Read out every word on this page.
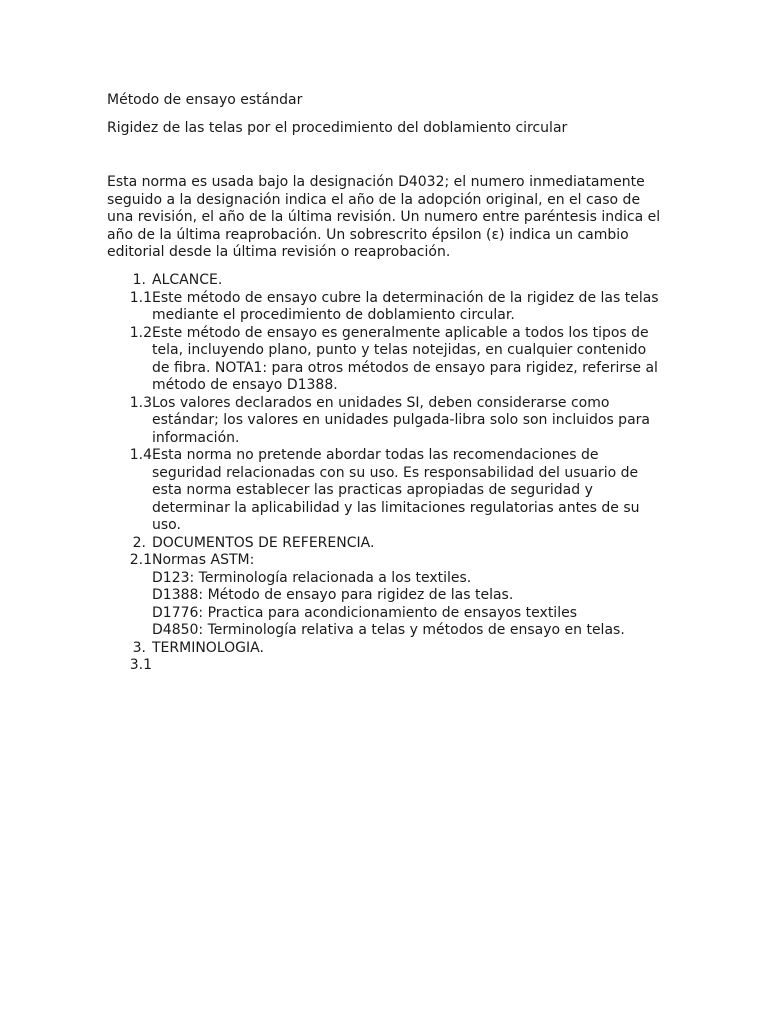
Método de ensayo estándar
Rigidez de las telas por el procedimiento del doblamiento circular

Esta norma es usada bajo la designación D4032; el numero inmediatamente seguido a la designación indica el año de la adopción original, en el caso de una revisión, el año de la última revisión. Un numero entre paréntesis indica el año de la última reaprobación. Un sobrescrito épsilon (ε) indica un cambio editorial desde la última revisión o reaprobación.

1. ALCANCE.
1.1 Este método de ensayo cubre la determinación de la rigidez de las telas mediante el procedimiento de doblamiento circular.
1.2 Este método de ensayo es generalmente aplicable a todos los tipos de tela, incluyendo plano, punto y telas notejidas, en cualquier contenido de fibra. NOTA1: para otros métodos de ensayo para rigidez, referirse al método de ensayo D1388.
1.3 Los valores declarados en unidades SI, deben considerarse como estándar; los valores en unidades pulgada-libra solo son incluidos para información.
1.4 Esta norma no pretende abordar todas las recomendaciones de seguridad relacionadas con su uso. Es responsabilidad del usuario de esta norma establecer las practicas apropiadas de seguridad y determinar la aplicabilidad y las limitaciones regulatorias antes de su uso.
2. DOCUMENTOS DE REFERENCIA.
2.1 Normas ASTM:
D123: Terminología relacionada a los textiles.
D1388: Método de ensayo para rigidez de las telas.
D1776: Practica para acondicionamiento de ensayos textiles
D4850: Terminología relativa a telas y métodos de ensayo en telas.
3. TERMINOLOGIA.
3.1
